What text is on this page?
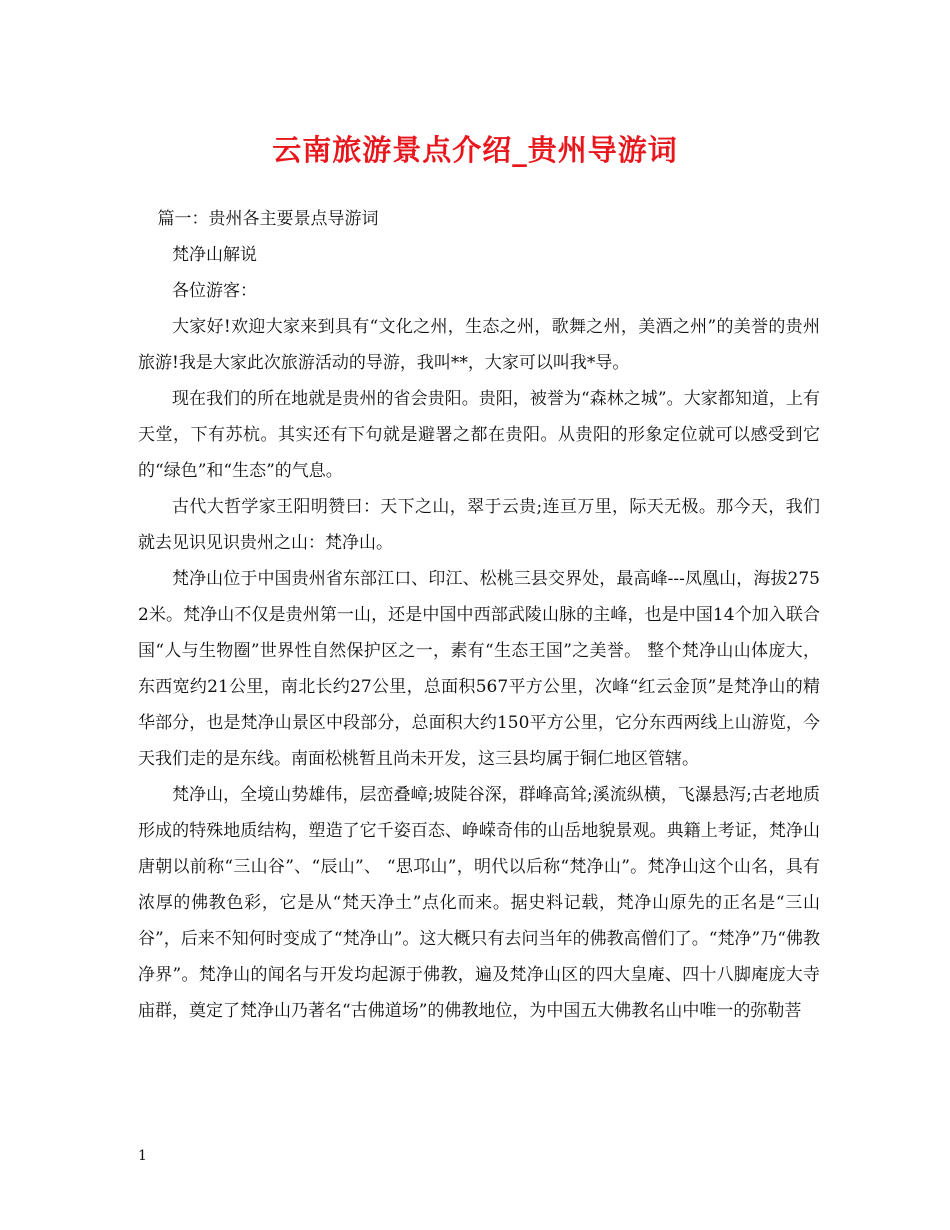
云南旅游景点介绍_贵州导游词

篇一：贵州各主要景点导游词

梵净山解说

各位游客：

大家好!欢迎大家来到具有“文化之州，生态之州，歌舞之州，美酒之州”的美誉的贵州旅游!我是大家此次旅游活动的导游，我叫**，大家可以叫我*导。

现在我们的所在地就是贵州的省会贵阳。贵阳，被誉为“森林之城”。大家都知道，上有天堂，下有苏杭。其实还有下句就是避署之都在贵阳。从贵阳的形象定位就可以感受到它的“绿色”和“生态”的气息。

古代大哲学家王阳明赞曰：天下之山，翠于云贵;连亘万里，际天无极。那今天，我们就去见识见识贵州之山：梵净山。

梵净山位于中国贵州省东部江口、印江、松桃三县交界处，最高峰---凤凰山，海拔2752米。梵净山不仅是贵州第一山，还是中国中西部武陵山脉的主峰，也是中国14个加入联合国“人与生物圈”世界性自然保护区之一，素有“生态王国”之美誉。 整个梵净山山体庞大，东西宽约21公里，南北长约27公里，总面积567平方公里，次峰“红云金顶”是梵净山的精华部分，也是梵净山景区中段部分，总面积大约150平方公里，它分东西两线上山游览，今天我们走的是东线。南面松桃暂且尚未开发，这三县均属于铜仁地区管辖。

梵净山，全境山势雄伟，层峦叠嶂;坡陡谷深，群峰高耸;溪流纵横，飞瀑悬泻;古老地质形成的特殊地质结构，塑造了它千姿百态、峥嵘奇伟的山岳地貌景观。典籍上考证，梵净山唐朝以前称“三山谷”、“辰山”、 “思邛山”，明代以后称“梵净山”。梵净山这个山名，具有浓厚的佛教色彩，它是从“梵天净土”点化而来。据史料记载，梵净山原先的正名是“三山谷”，后来不知何时变成了“梵净山”。这大概只有去问当年的佛教高僧们了。“梵净”乃“佛教净界”。梵净山的闻名与开发均起源于佛教，遍及梵净山区的四大皇庵、四十八脚庵庞大寺庙群，奠定了梵净山乃著名“古佛道场”的佛教地位，为中国五大佛教名山中唯一的弥勒菩

1
